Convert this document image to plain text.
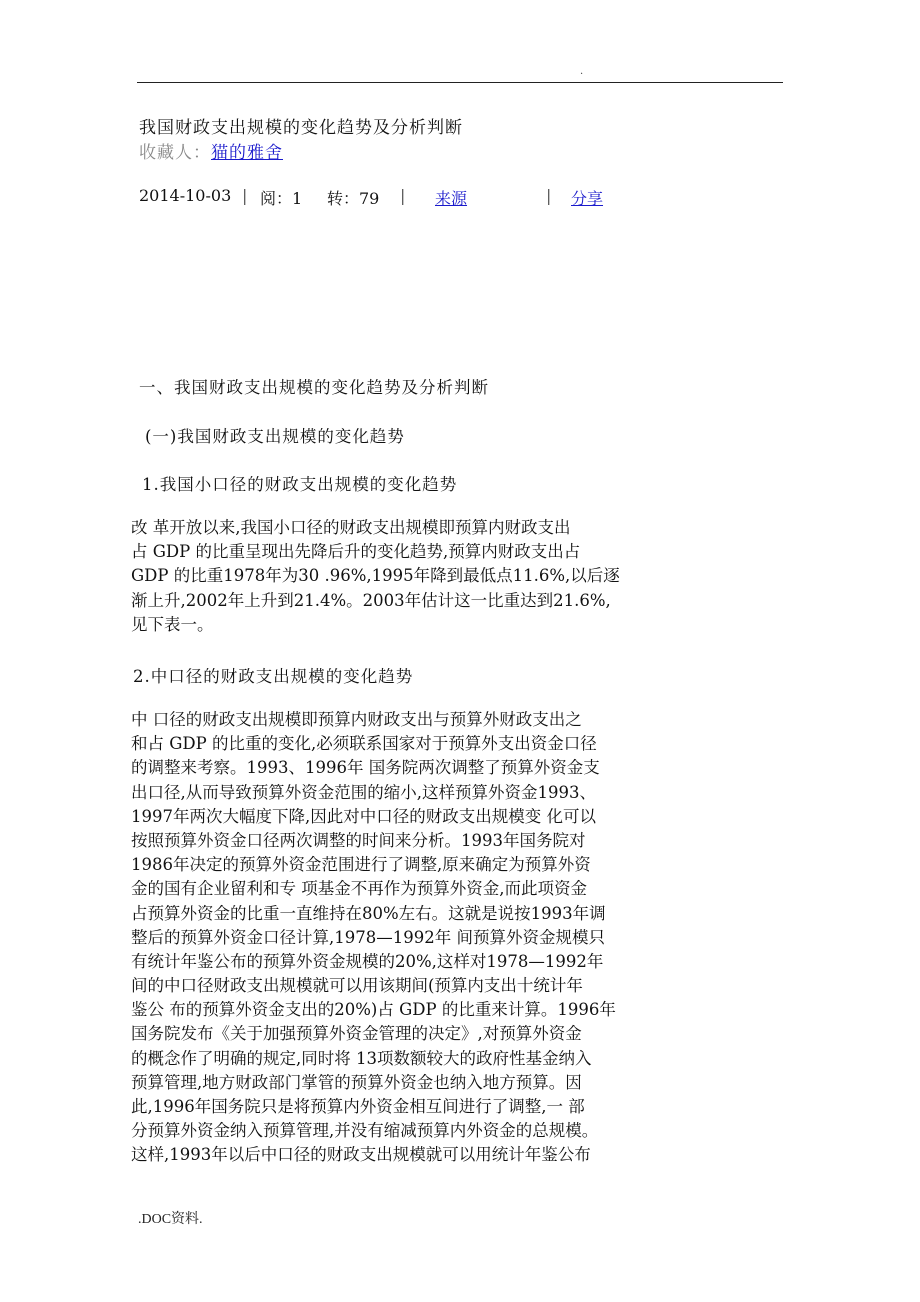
.
我国财政支出规模的变化趋势及分析判断
收藏人：猫的雅舍
2014-10-03 | 阅：1 转：79 | 来源	| 分享
一、我国财政支出规模的变化趋势及分析判断
(一)我国财政支出规模的变化趋势
1.我国小口径的财政支出规模的变化趋势
改 革开放以来,我国小口径的财政支出规模即预算内财政支出
占 GDP 的比重呈现出先降后升的变化趋势,预算内财政支出占
GDP 的比重1978年为30 .96%,1995年降到最低点11.6%,以后逐
渐上升,2002年上升到21.4%。2003年估计这一比重达到21.6%,
见下表一。
2.中口径的财政支出规模的变化趋势
中 口径的财政支出规模即预算内财政支出与预算外财政支出之
和占 GDP 的比重的变化,必须联系国家对于预算外支出资金口径
的调整来考察。1993、1996年 国务院两次调整了预算外资金支
出口径,从而导致预算外资金范围的缩小,这样预算外资金1993、
1997年两次大幅度下降,因此对中口径的财政支出规模变 化可以
按照预算外资金口径两次调整的时间来分析。1993年国务院对
1986年决定的预算外资金范围进行了调整,原来确定为预算外资
金的国有企业留利和专 项基金不再作为预算外资金,而此项资金
占预算外资金的比重一直维持在80%左右。这就是说按1993年调
整后的预算外资金口径计算,1978—1992年 间预算外资金规模只
有统计年鉴公布的预算外资金规模的20%,这样对1978—1992年
间的中口径财政支出规模就可以用该期间(预算内支出十统计年
鉴公 布的预算外资金支出的20%)占 GDP 的比重来计算。1996年
国务院发布《关于加强预算外资金管理的决定》,对预算外资金
的概念作了明确的规定,同时将 13项数额较大的政府性基金纳入
预算管理,地方财政部门掌管的预算外资金也纳入地方预算。因
此,1996年国务院只是将预算内外资金相互间进行了调整,一 部
分预算外资金纳入预算管理,并没有缩减预算内外资金的总规模。
这样,1993年以后中口径的财政支出规模就可以用统计年鉴公布
.DOC资料.
